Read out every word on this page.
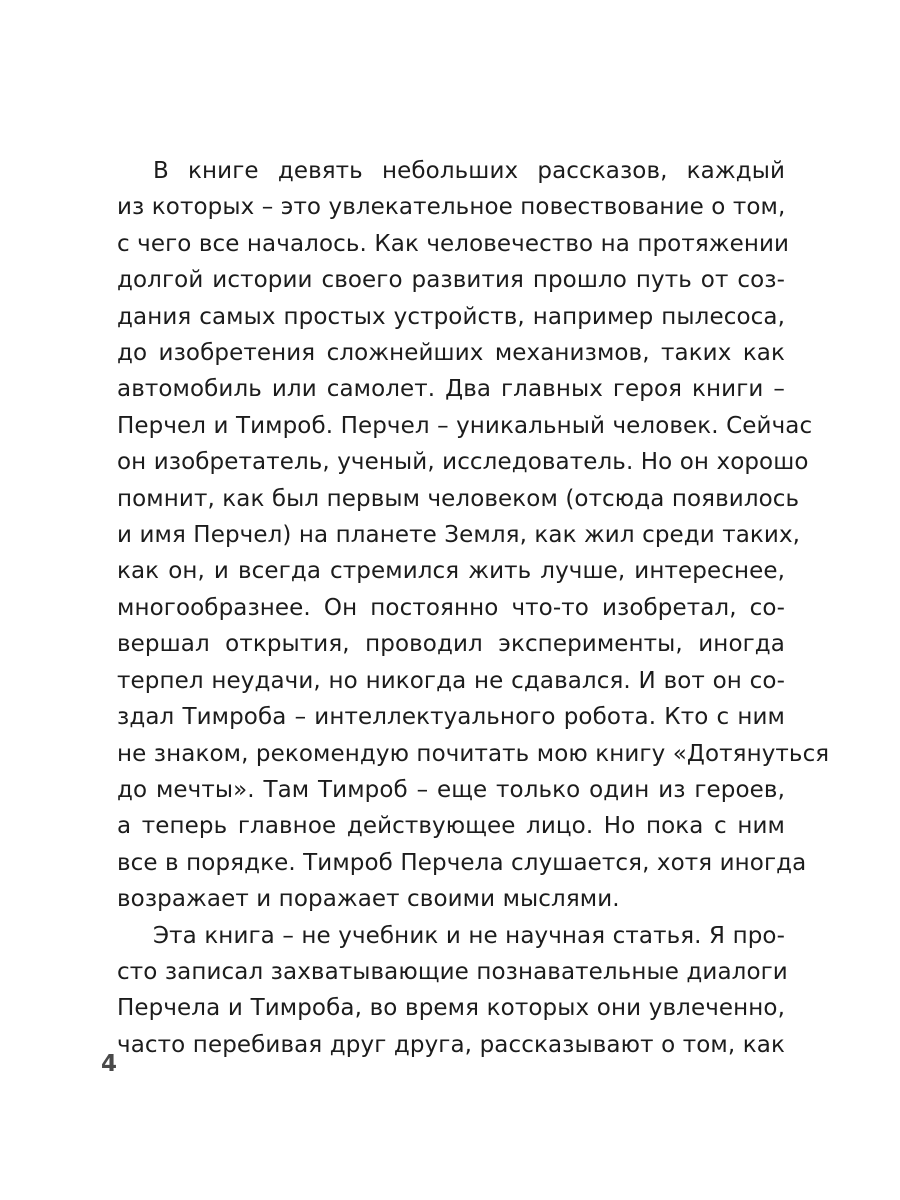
В книге девять небольших рассказов, каждый
из которых – это увлекательное повествование о том,
с чего все началось. Как человечество на протяжении
долгой истории своего развития прошло путь от соз-
дания самых простых устройств, например пылесоса,
до изобретения сложнейших механизмов, таких как
автомобиль или самолет. Два главных героя книги –
Перчел и Тимроб. Перчел – уникальный человек. Сейчас
он изобретатель, ученый, исследователь. Но он хорошо
помнит, как был первым человеком (отсюда появилось
и имя Перчел) на планете Земля, как жил среди таких,
как он, и всегда стремился жить лучше, интереснее,
многообразнее. Он постоянно что-то изобретал, со-
вершал открытия, проводил эксперименты, иногда
терпел неудачи, но никогда не сдавался. И вот он со-
здал Тимроба – интеллектуального робота. Кто с ним
не знаком, рекомендую почитать мою книгу «Дотянуться
до мечты». Там Тимроб – еще только один из героев,
а теперь главное действующее лицо. Но пока с ним
все в порядке. Тимроб Перчела слушается, хотя иногда
возражает и поражает своими мыслями.

Эта книга – не учебник и не научная статья. Я про-
сто записал захватывающие познавательные диалоги
Перчела и Тимроба, во время которых они увлеченно,
часто перебивая друг друга, рассказывают о том, как

4
